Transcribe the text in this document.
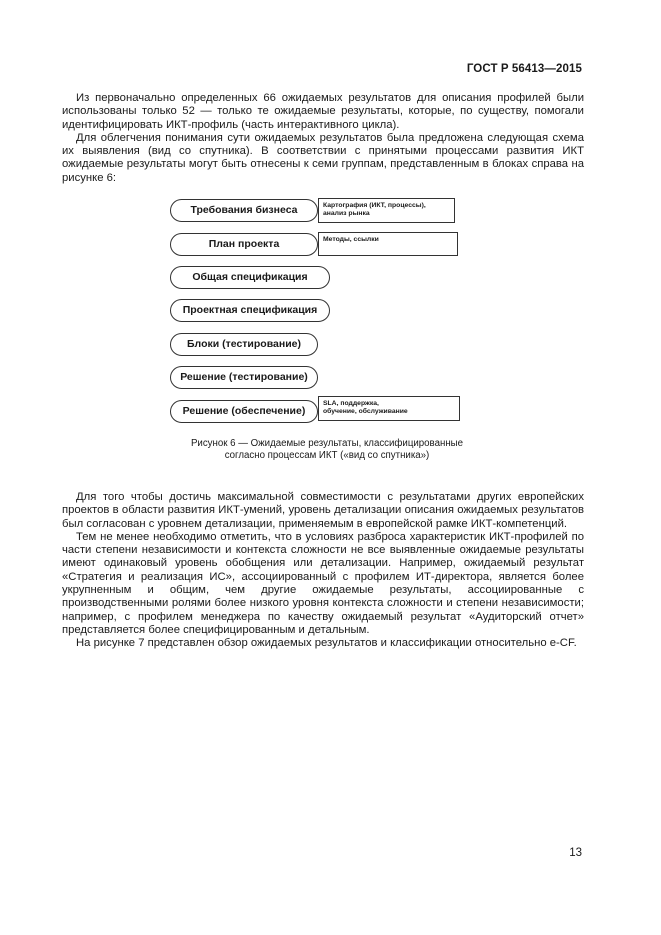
ГОСТ Р 56413—2015

Из первоначально определенных 66 ожидаемых результатов для описания профилей были использованы только 52 — только те ожидаемые результаты, которые, по существу, помогали идентифицировать ИКТ-профиль (часть интерактивного цикла).

Для облегчения понимания сути ожидаемых результатов была предложена следующая схема их выявления (вид со спутника). В соответствии с принятыми процессами развития ИКТ ожидаемые результаты могут быть отнесены к семи группам, представленным в блоках справа на рисунке 6:

Требования бизнеса
План проекта
Общая спецификация
Проектная спецификация
Блоки (тестирование)
Решение (тестирование)
Решение (обеспечение)
Картография (ИКТ, процессы),
анализ рынка
Методы, ссылки
SLA, поддержка,
обучение, обслуживание
Рисунок 6 — Ожидаемые результаты, классифицированные
согласно процессам ИКТ («вид со спутника»)

Для того чтобы достичь максимальной совместимости с результатами других европейских проектов в области развития ИКТ-умений, уровень детализации описания ожидаемых результатов был согласован с уровнем детализации, применяемым в европейской рамке ИКТ-компетенций.

Тем не менее необходимо отметить, что в условиях разброса характеристик ИКТ-профилей по части степени независимости и контекста сложности не все выявленные ожидаемые результаты имеют одинаковый уровень обобщения или детализации. Например, ожидаемый результат «Стратегия и реализация ИС», ассоциированный с профилем ИТ-директора, является более укрупненным и общим, чем другие ожидаемые результаты, ассоциированные с производственными ролями более низкого уровня контекста сложности и степени независимости; например, с профилем менеджера по качеству ожидаемый результат «Аудиторский отчет» представляется более специфицированным и детальным.

На рисунке 7 представлен обзор ожидаемых результатов и классификации относительно e-CF.

13
